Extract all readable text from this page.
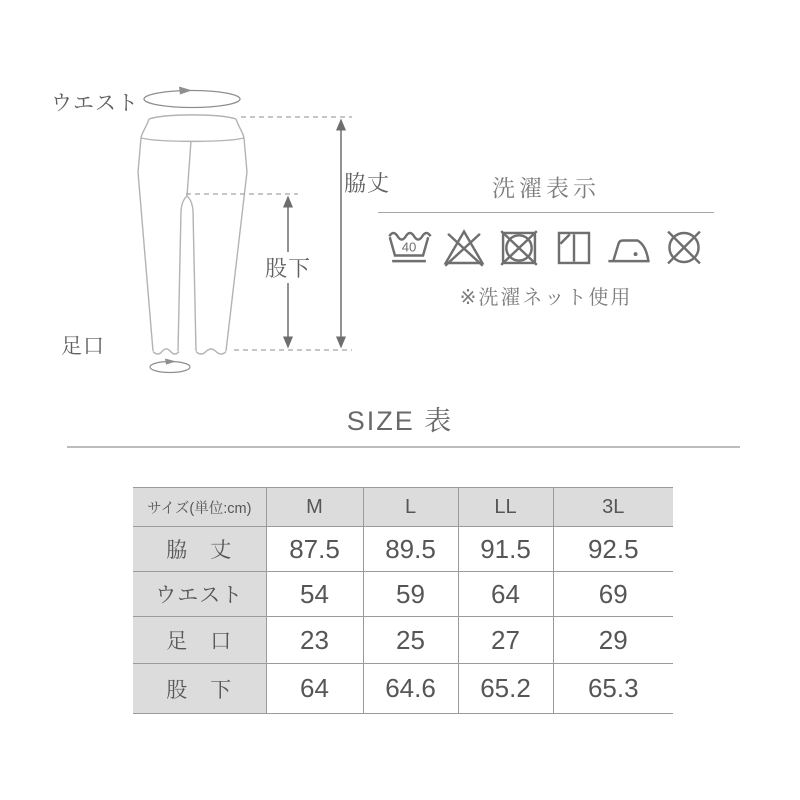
ウエスト
脇丈
股下
足口
洗濯表示
40
※洗濯ネット使用
SIZE 表
サイズ(単位:cm)	M	L	LL	3L
脇　丈	87.5	89.5	91.5	92.5
ウエスト	54	59	64	69
足　口	23	25	27	29
股　下	64	64.6	65.2	65.3
